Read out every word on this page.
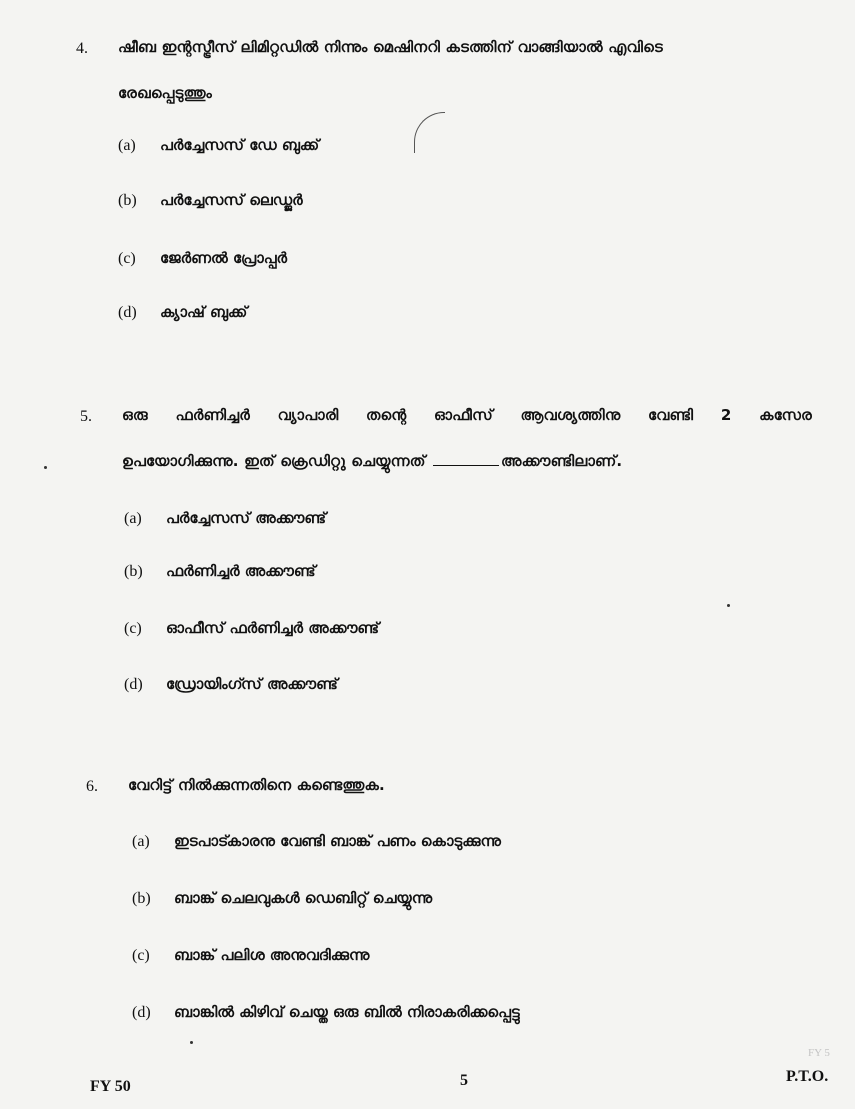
4. ഷീബ ഇന്റസ്ട്രീസ് ലിമിറ്റഡിൽ നിന്നും മെഷിനറി കടത്തിന് വാങ്ങിയാൽ എവിടെ
രേഖപ്പെടുത്തും
(a) പർച്ചേസസ് ഡേ ബുക്ക്
(b) പർച്ചേസസ് ലെഡ്ജർ
(c) ജേർണൽ പ്രോപ്പർ
(d) ക്യാഷ് ബുക്ക്
5. ഒരു ഫർണിച്ചർ വ്യാപാരി തന്റെ ഓഫീസ് ആവശ്യത്തിനു വേണ്ടി 2 കസേര
ഉപയോഗിക്കുന്നു. ഇത് ക്രെഡിറ്റു ചെയ്യുന്നത്	അക്കൗണ്ടിലാണ്.
(a) പർച്ചേസസ് അക്കൗണ്ട്
(b) ഫർണിച്ചർ അക്കൗണ്ട്
(c) ഓഫീസ് ഫർണിച്ചർ അക്കൗണ്ട്
(d) ഡ്രോയിംഗ്സ് അക്കൗണ്ട്
6. വേറിട്ട് നിൽക്കുന്നതിനെ കണ്ടെത്തുക.
(a) ഇടപാട്കാരനു വേണ്ടി ബാങ്ക് പണം കൊടുക്കുന്നു
(b) ബാങ്ക് ചെലവുകൾ ഡെബിറ്റ് ചെയ്യുന്നു
(c) ബാങ്ക് പലിശ അനുവദിക്കുന്നു
(d) ബാങ്കിൽ കിഴിവ് ചെയ്ത ഒരു ബിൽ നിരാകരിക്കപ്പെട്ടു
FY 5
FY 50	5	P.T.O.
